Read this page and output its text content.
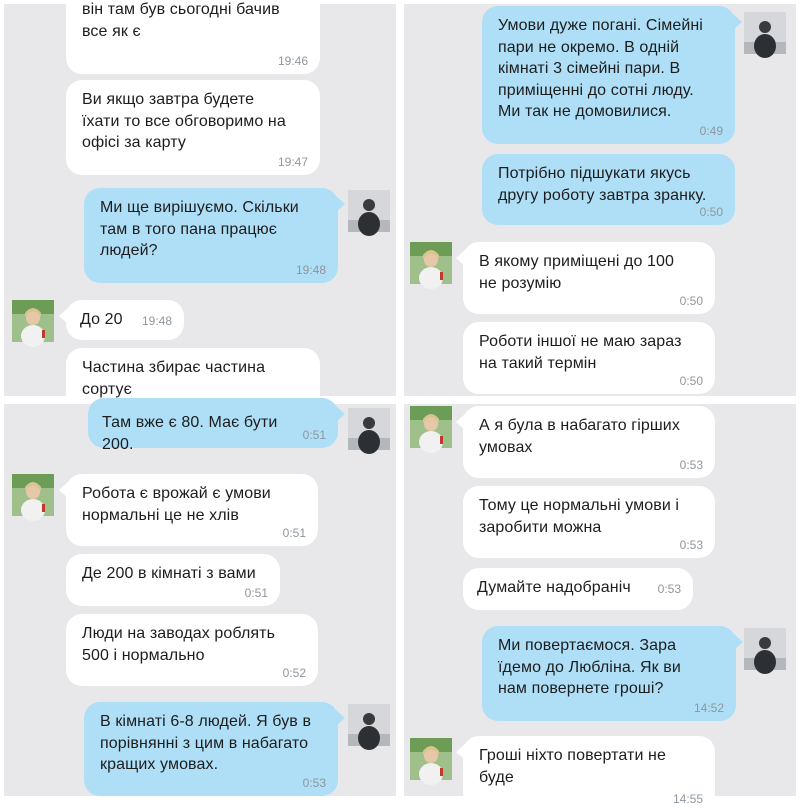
він там був сьогодні бачив
все як є
19:46
Ви якщо завтра будете
їхати то все обговоримо на
офісі за карту
19:47
Ми ще вирішуємо. Скільки
там в того пана працює
людей?
19:48
До 20	19:48
Частина збирає частина
сортує
Умови дуже погані. Сімейні
пари не окремо. В одній
кімнаті 3 сімейні пари. В
приміщенні до сотні люду.
Ми так не домовилися.
0:49
Потрібно підшукати якусь
другу роботу завтра зранку.
0:50
В якому приміщені до 100
не розумію
0:50
Роботи іншої не маю зараз
на такий термін
0:50
Там вже є 80. Має бути 200.
0:51
Робота є врожай є умови
нормальні це не хлів
0:51
Де 200 в кімнаті з вами
0:51
Люди на заводах роблять
500 і нормально
0:52
В кімнаті 6-8 людей. Я був в
порівнянні з цим в набагато
кращих умовах.
0:53
А я була в набагато гірших
умовах
0:53
Тому це нормальні умови і
заробити можна
0:53
Думайте надобраніч	0:53
Ми повертаємося. Зара
їдемо до Любліна. Як ви
нам повернете гроші?
14:52
Гроші ніхто повертати не
буде
14:55
